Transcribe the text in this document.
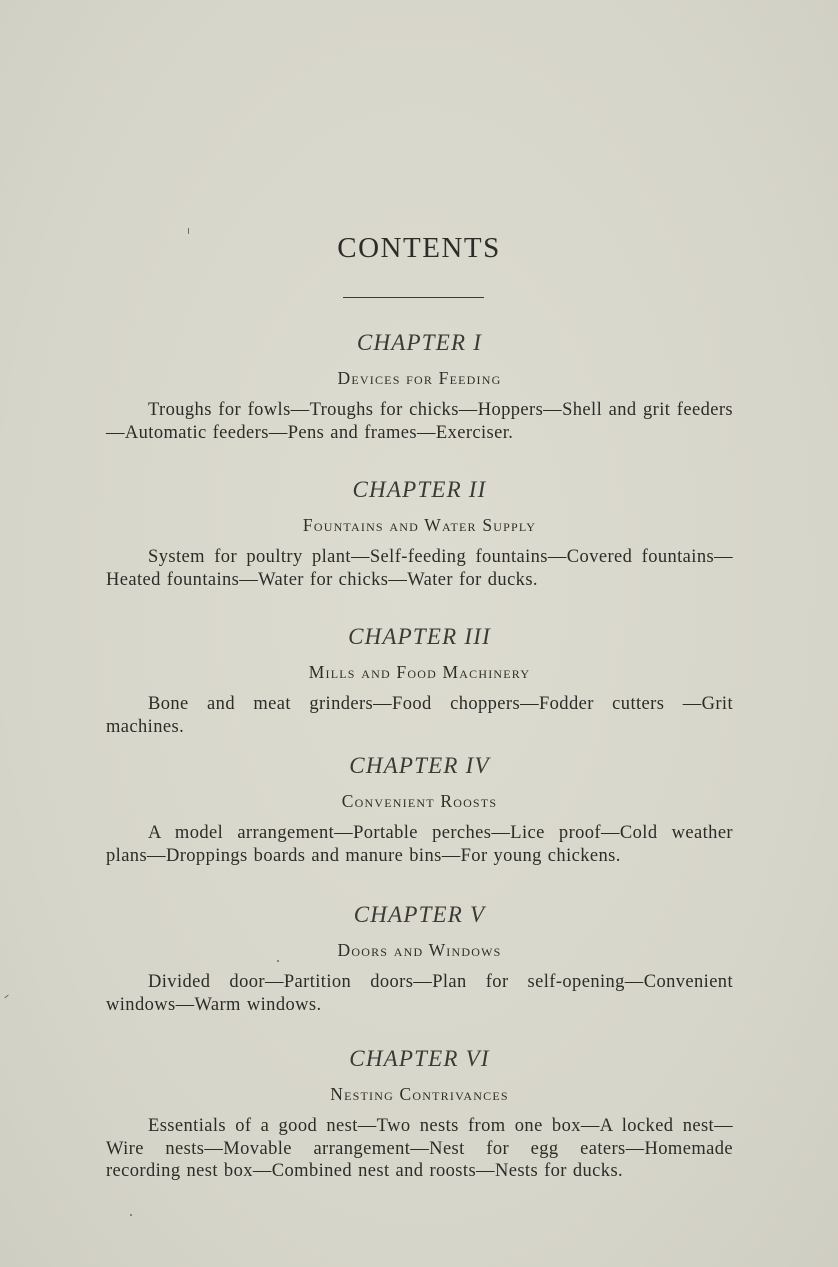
CONTENTS
CHAPTER I
Devices for Feeding
Troughs for fowls—Troughs for chicks—Hoppers—Shell and grit feeders—Automatic feeders—Pens and frames—Exerciser.
CHAPTER II
Fountains and Water Supply
System for poultry plant—Self-feeding fountains—Covered fountains—Heated fountains—Water for chicks—Water for ducks.
CHAPTER III
Mills and Food Machinery
Bone and meat grinders—Food choppers—Fodder cutters —Grit machines.
CHAPTER IV
Convenient Roosts
A model arrangement—Portable perches—Lice proof—Cold weather plans—Droppings boards and manure bins—For young chickens.
CHAPTER V
Doors and Windows
Divided door—Partition doors—Plan for self-opening—Convenient windows—Warm windows.
CHAPTER VI
Nesting Contrivances
Essentials of a good nest—Two nests from one box—A locked nest—Wire nests—Movable arrangement—Nest for egg eaters—Homemade recording nest box—Combined nest and roosts—Nests for ducks.
